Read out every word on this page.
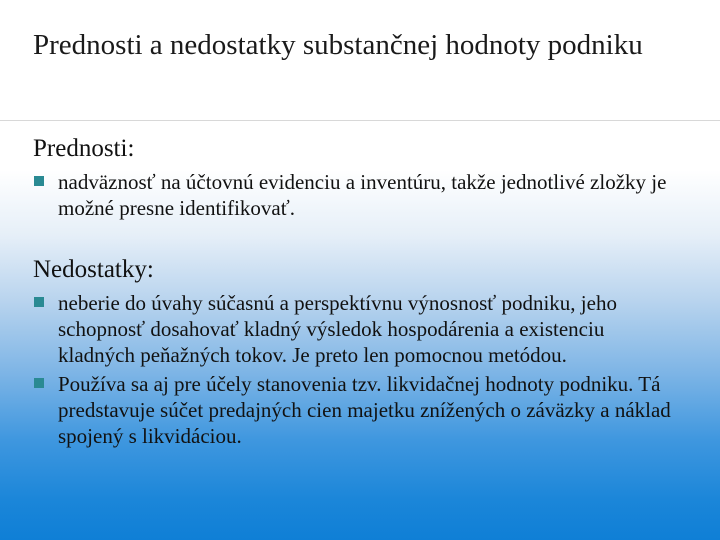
Prednosti a nedostatky substančnej hodnoty podniku
Prednosti:
nadväznosť na účtovnú evidenciu a inventúru, takže jednotlivé zložky je možné presne identifikovať.
Nedostatky:
neberie do úvahy súčasnú a perspektívnu výnosnosť podniku, jeho schopnosť dosahovať kladný výsledok hospodárenia a existenciu kladných peňažných tokov. Je preto len pomocnou metódou.
Používa sa aj pre účely stanovenia tzv. likvidačnej hodnoty podniku. Tá predstavuje súčet predajných cien majetku znížených o záväzky a náklad spojený s likvidáciou.
